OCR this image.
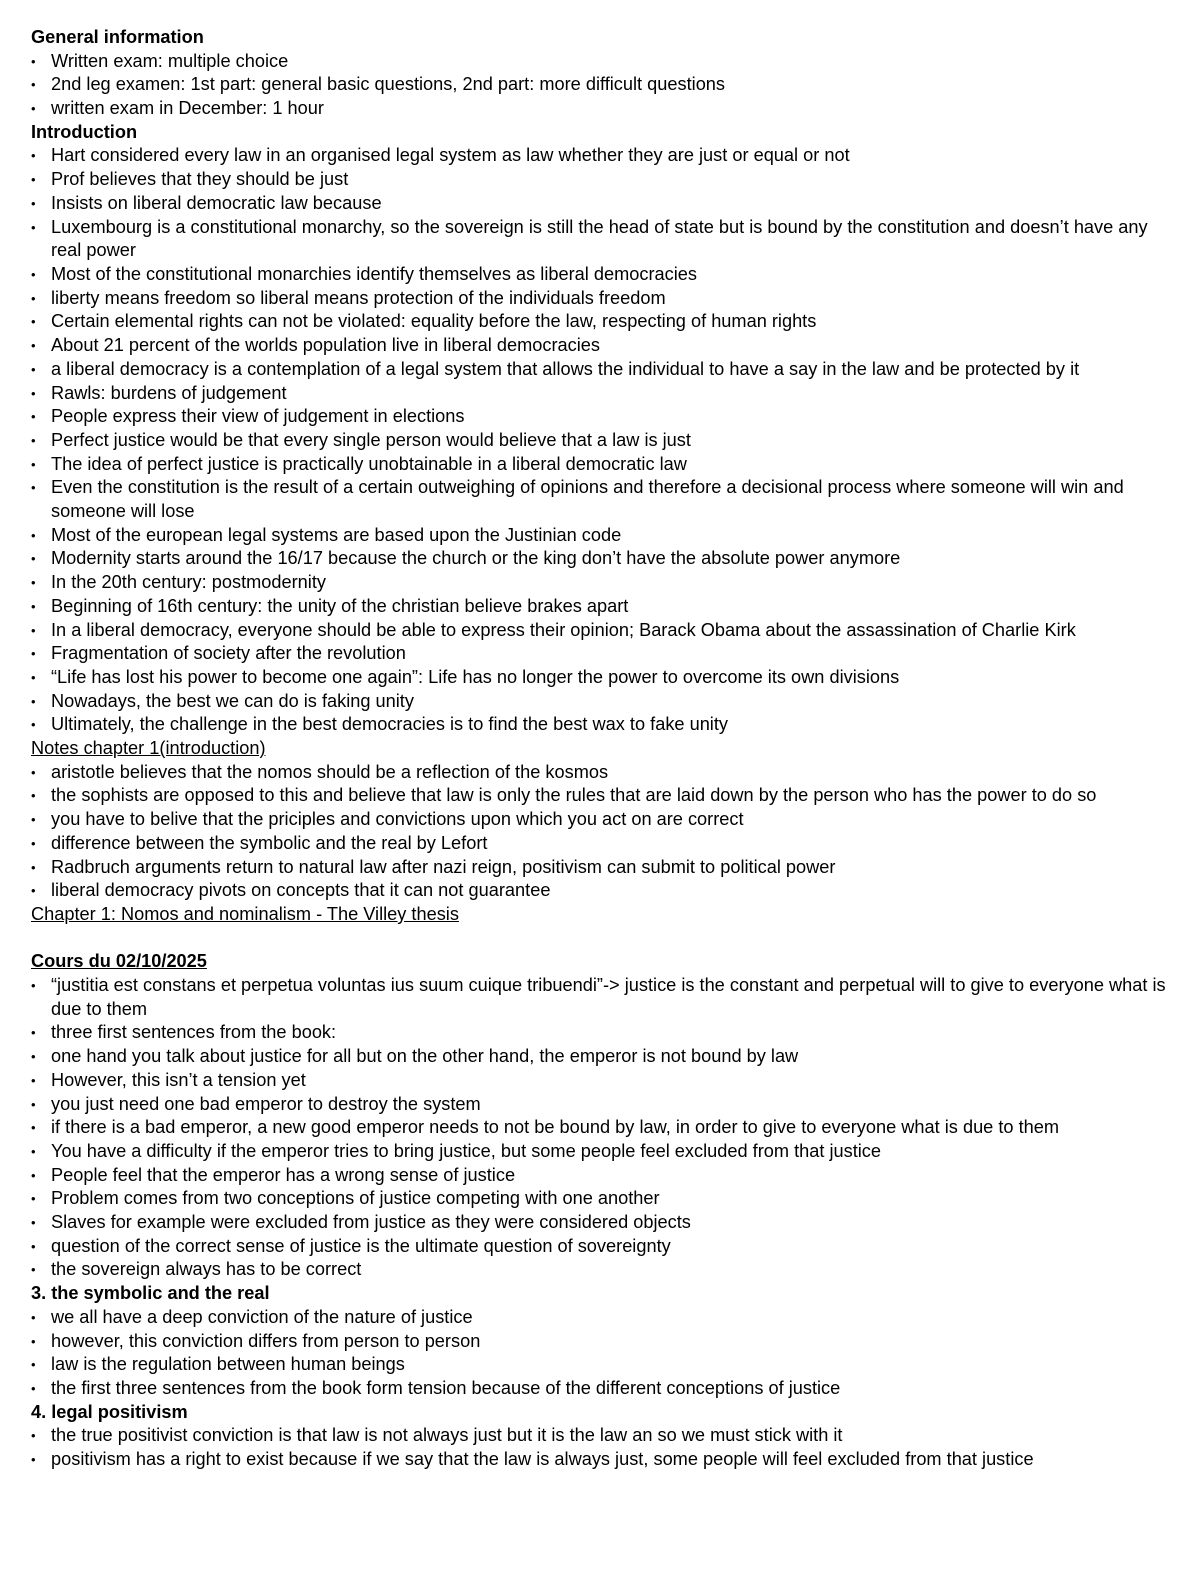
General information
• Written exam: multiple choice
• 2nd leg examen: 1st part: general basic questions, 2nd part: more difficult questions
• written exam in December: 1 hour
Introduction
• Hart considered every law in an organised legal system as law whether they are just or equal or not
• Prof believes that they should be just
• Insists on liberal democratic law because
• Luxembourg is a constitutional monarchy, so the sovereign is still the head of state but is bound by the constitution and doesn’t have any real power
• Most of the constitutional monarchies identify themselves as liberal democracies
• liberty means freedom so liberal means protection of the individuals freedom
• Certain elemental rights can not be violated: equality before the law, respecting of human rights
• About 21 percent of the worlds population live in liberal democracies
• a liberal democracy is a contemplation of a legal system that allows the individual to have a say in the law and be protected by it
• Rawls: burdens of judgement
• People express their view of judgement in elections
• Perfect justice would be that every single person would believe that a law is just
• The idea of perfect justice is practically unobtainable in a liberal democratic law
• Even the constitution is the result of a certain outweighing of opinions and therefore a decisional process where someone will win and someone will lose
• Most of the european legal systems are based upon the Justinian code
• Modernity starts around the 16/17 because the church or the king don’t have the absolute power anymore
• In the 20th century: postmodernity
• Beginning of 16th century: the unity of the christian believe brakes apart
• In a liberal democracy, everyone should be able to express their opinion; Barack Obama about the assassination of Charlie Kirk
• Fragmentation of society after the revolution
• “Life has lost his power to become one again”: Life has no longer the power to overcome its own divisions
• Nowadays, the best we can do is faking unity
• Ultimately, the challenge in the best democracies is to find the best wax to fake unity
Notes chapter 1(introduction)
• aristotle believes that the nomos should be a reflection of the kosmos
• the sophists are opposed to this and believe that law is only the rules that are laid down by the person who has the power to do so
• you have to belive that the priciples and convictions upon which you act on are correct
• difference between the symbolic and the real by Lefort
• Radbruch arguments return to natural law after nazi reign, positivism can submit to political power
• liberal democracy pivots on concepts that it can not guarantee
Chapter 1: Nomos and nominalism - The Villey thesis
Cours du 02/10/2025
• “justitia est constans et perpetua voluntas ius suum cuique tribuendi”-> justice is the constant and perpetual will to give to everyone what is due to them
• three first sentences from the book:
• one hand you talk about justice for all but on the other hand, the emperor is not bound by law
• However, this isn’t a tension yet
• you just need one bad emperor to destroy the system
• if there is a bad emperor, a new good emperor needs to not be bound by law, in order to give to everyone what is due to them
• You have a difficulty if the emperor tries to bring justice, but some people feel excluded from that justice
• People feel that the emperor has a wrong sense of justice
• Problem comes from two conceptions of justice competing with one another
• Slaves for example were excluded from justice as they were considered objects
• question of the correct sense of justice is the ultimate question of sovereignty
• the sovereign always has to be correct
3. the symbolic and the real
• we all have a deep conviction of the nature of justice
• however, this conviction differs from person to person
• law is the regulation between human beings
• the first three sentences from the book form tension because of the different conceptions of justice
4. legal positivism
• the true positivist conviction is that law is not always just but it is the law an so we must stick with it
• positivism has a right to exist because if we say that the law is always just, some people will feel excluded from that justice
